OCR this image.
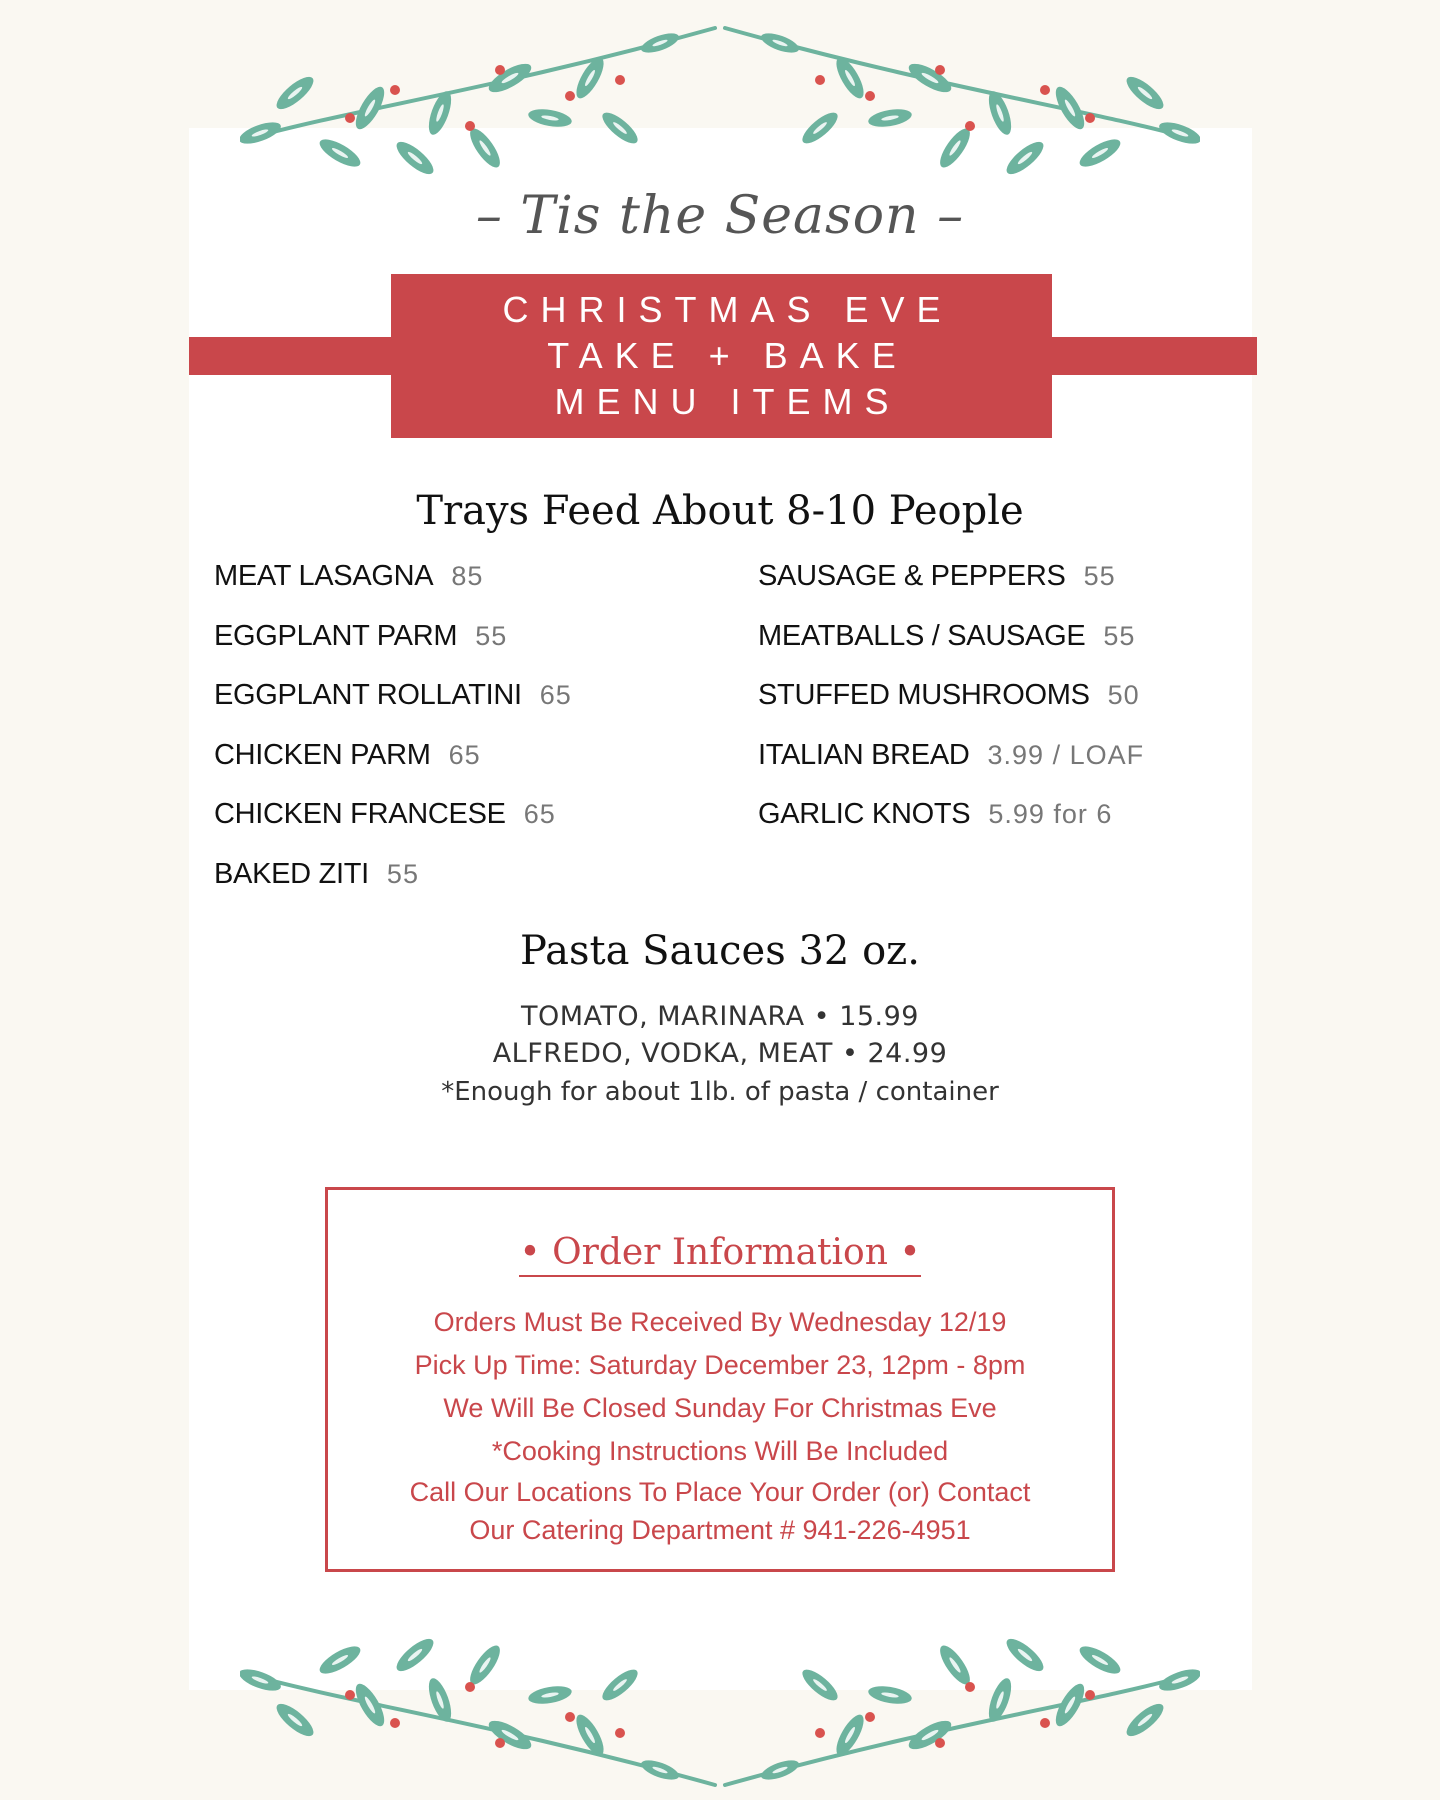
– Tis the Season –
CHRISTMAS EVE
TAKE + BAKE
MENU ITEMS
Trays Feed About 8-10 People
MEAT LASAGNA 85
EGGPLANT PARM 55
EGGPLANT ROLLATINI 65
CHICKEN PARM 65
CHICKEN FRANCESE 65
BAKED ZITI 55
SAUSAGE & PEPPERS 55
MEATBALLS / SAUSAGE 55
STUFFED MUSHROOMS 50
ITALIAN BREAD 3.99 / LOAF
GARLIC KNOTS 5.99 for 6
Pasta Sauces 32 oz.
TOMATO, MARINARA • 15.99
ALFREDO, VODKA, MEAT • 24.99
*Enough for about 1lb. of pasta / container
• Order Information •
Orders Must Be Received By Wednesday 12/19
Pick Up Time: Saturday December 23, 12pm - 8pm
We Will Be Closed Sunday For Christmas Eve
*Cooking Instructions Will Be Included
Call Our Locations To Place Your Order (or) Contact
Our Catering Department # 941-226-4951
